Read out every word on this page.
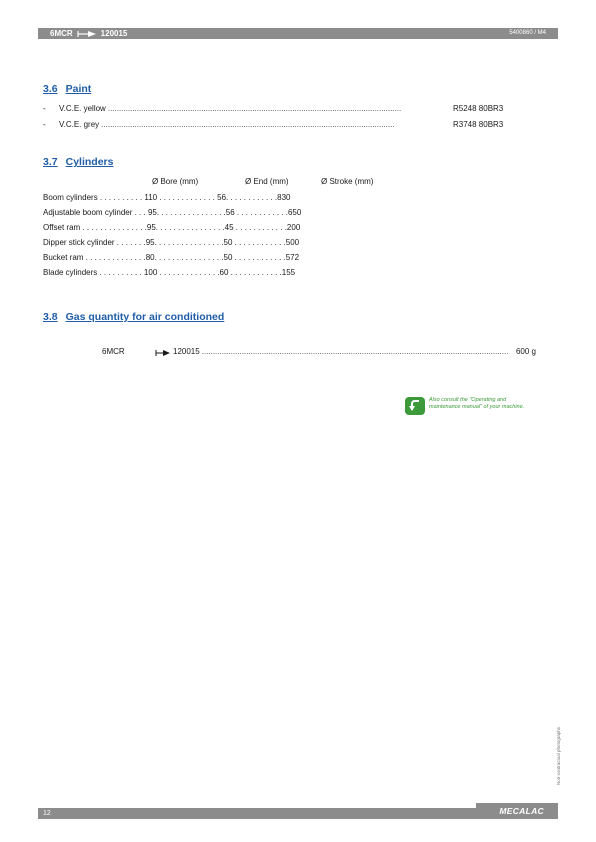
6MCR	120015	5400860 / M4
3.6 Paint
-	V.C.E. yellow ....................................................................................................................................	R5248 80BR3
-	V.C.E. grey ....................................................................................................................................	R3748 80BR3
3.7 Cylinders
Ø Bore (mm)	Ø End (mm)	Ø Stroke (mm)
Boom cylinders . . . . . . . . . . 110 . . . . . . . . . . . . . 56. . . . . . . . . . . .830
Adjustable boom cylinder . . . 95. . . . . . . . . . . . . . . .56 . . . . . . . . . . . .650
Offset ram . . . . . . . . . . . . . . .95. . . . . . . . . . . . . . . .45 . . . . . . . . . . . .200
Dipper stick cylinder . . . . . . .95. . . . . . . . . . . . . . . .50 . . . . . . . . . . . .500
Bucket ram . . . . . . . . . . . . . .80. . . . . . . . . . . . . . . .50 . . . . . . . . . . . .572
Blade cylinders . . . . . . . . . . 100 . . . . . . . . . . . . . .60 . . . . . . . . . . . .155
3.8 Gas quantity for air conditioned
6MCR	120015 .......................................................................................................................................... 600 g
Also consult the "Operating and maintenance manual" of your machine.
Non-contractual photographs
12	MECALAC
